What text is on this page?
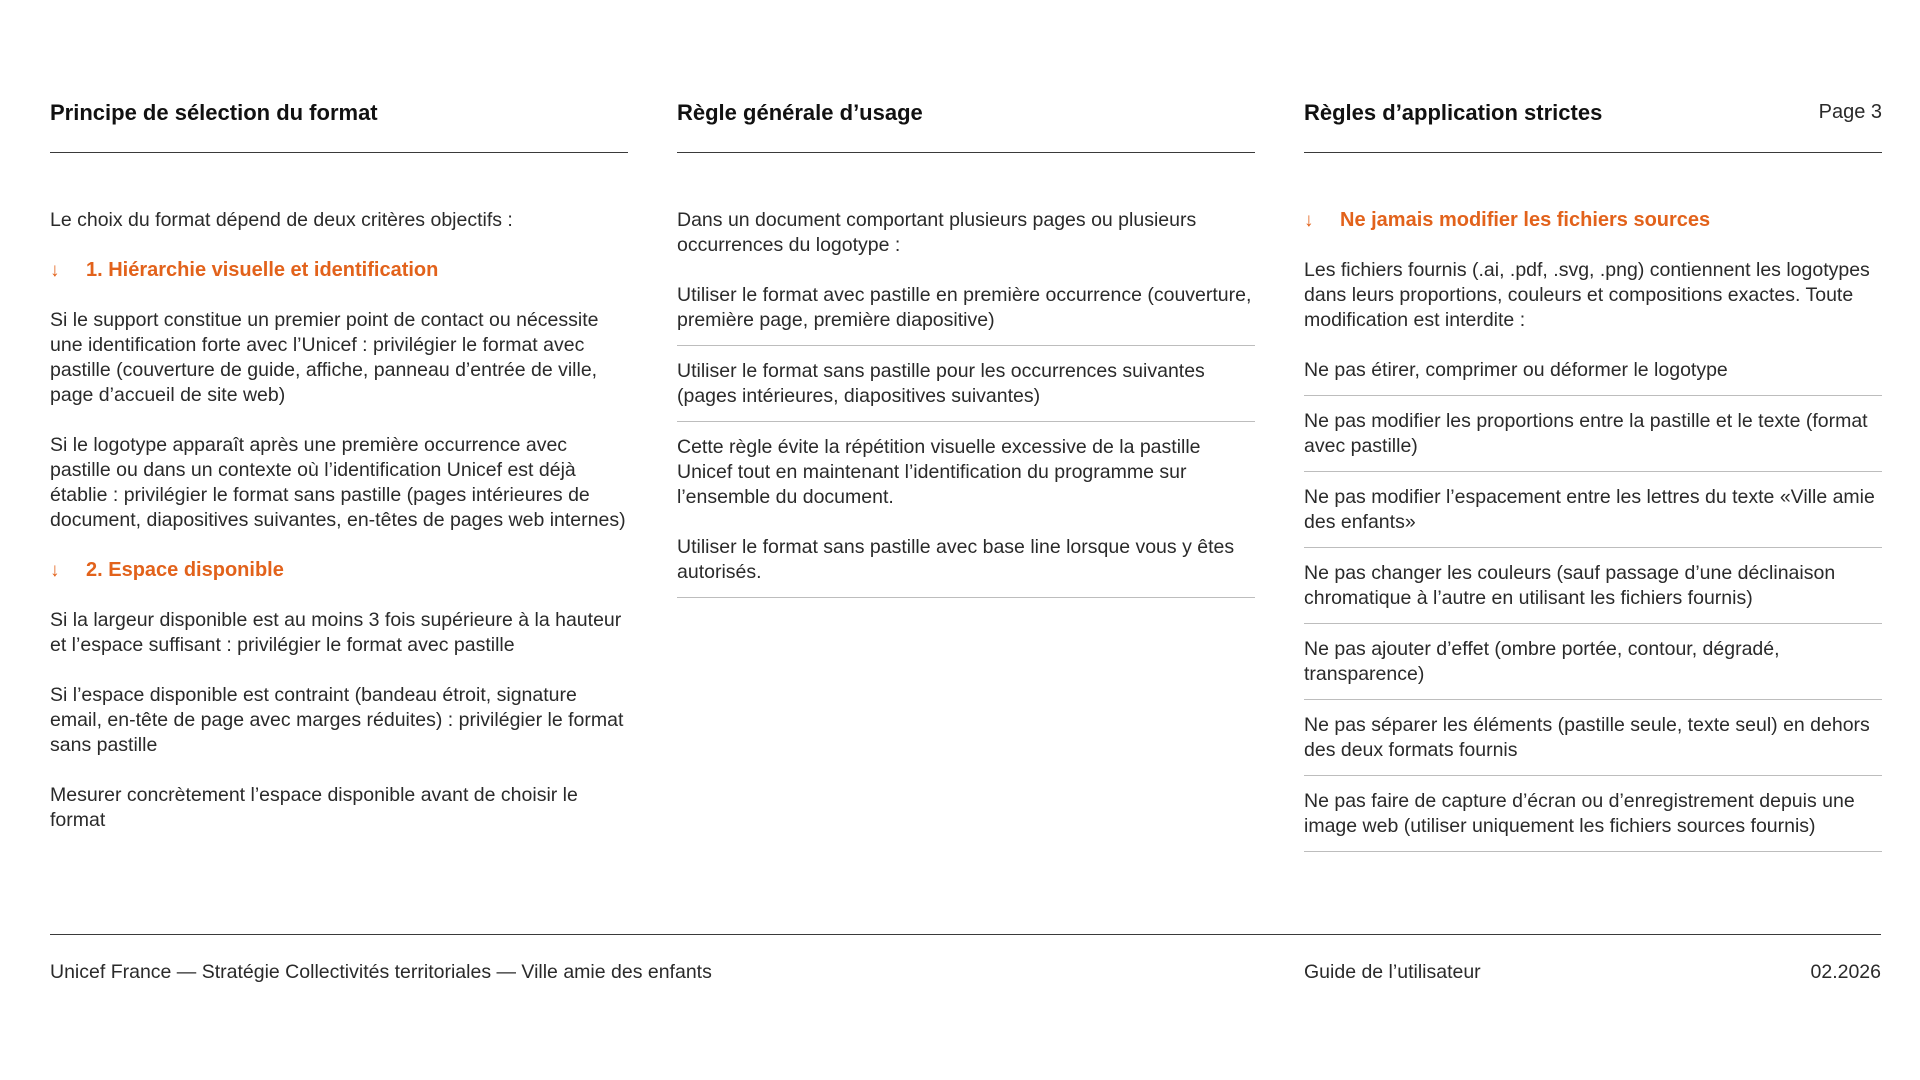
Principe de sélection du format

Le choix du format dépend de deux critères objectifs :

↓	1. Hiérarchie visuelle et identification

Si le support constitue un premier point de contact ou nécessite une identification forte avec l’Unicef : privilégier le format avec pastille (couverture de guide, affiche, panneau d’entrée de ville, page d’accueil de site web)

Si le logotype apparaît après une première occurrence avec pastille ou dans un contexte où l’identification Unicef est déjà établie : privilégier le format sans pastille (pages intérieures de document, diapositives suivantes, en-têtes de pages web internes)

↓	2. Espace disponible

Si la largeur disponible est au moins 3 fois supérieure à la hauteur et l’espace suffisant : privilégier le format avec pastille

Si l’espace disponible est contraint (bandeau étroit, signature email, en-tête de page avec marges réduites) : privilégier le format sans pastille

Mesurer concrètement l’espace disponible avant de choisir le format

Règle générale d’usage

Dans un document comportant plusieurs pages ou plusieurs occurrences du logotype :

Utiliser le format avec pastille en première occurrence (couverture, première page, première diapositive)

Utiliser le format sans pastille pour les occurrences suivantes (pages intérieures, diapositives suivantes)

Cette règle évite la répétition visuelle excessive de la pastille Unicef tout en maintenant l’identification du programme sur l’ensemble du document.

Utiliser le format sans pastille avec base line lorsque vous y êtes autorisés.

Règles d’application strictes	Page 3
↓	Ne jamais modifier les fichiers sources

Les fichiers fournis (.ai, .pdf, .svg, .png) contiennent les logotypes dans leurs proportions, couleurs et compositions exactes. Toute modification est interdite :

Ne pas étirer, comprimer ou déformer le logotype

Ne pas modifier les proportions entre la pastille et le texte (format avec pastille)

Ne pas modifier l’espacement entre les lettres du texte «Ville amie des enfants»

Ne pas changer les couleurs (sauf passage d’une déclinaison chromatique à l’autre en utilisant les fichiers fournis)

Ne pas ajouter d’effet (ombre portée, contour, dégradé, transparence)

Ne pas séparer les éléments (pastille seule, texte seul) en dehors des deux formats fournis

Ne pas faire de capture d’écran ou d’enregistrement depuis une image web (utiliser uniquement les fichiers sources fournis)

Unicef France — Stratégie Collectivités territoriales — Ville amie des enfants	Guide de l’utilisateur	02.2026
